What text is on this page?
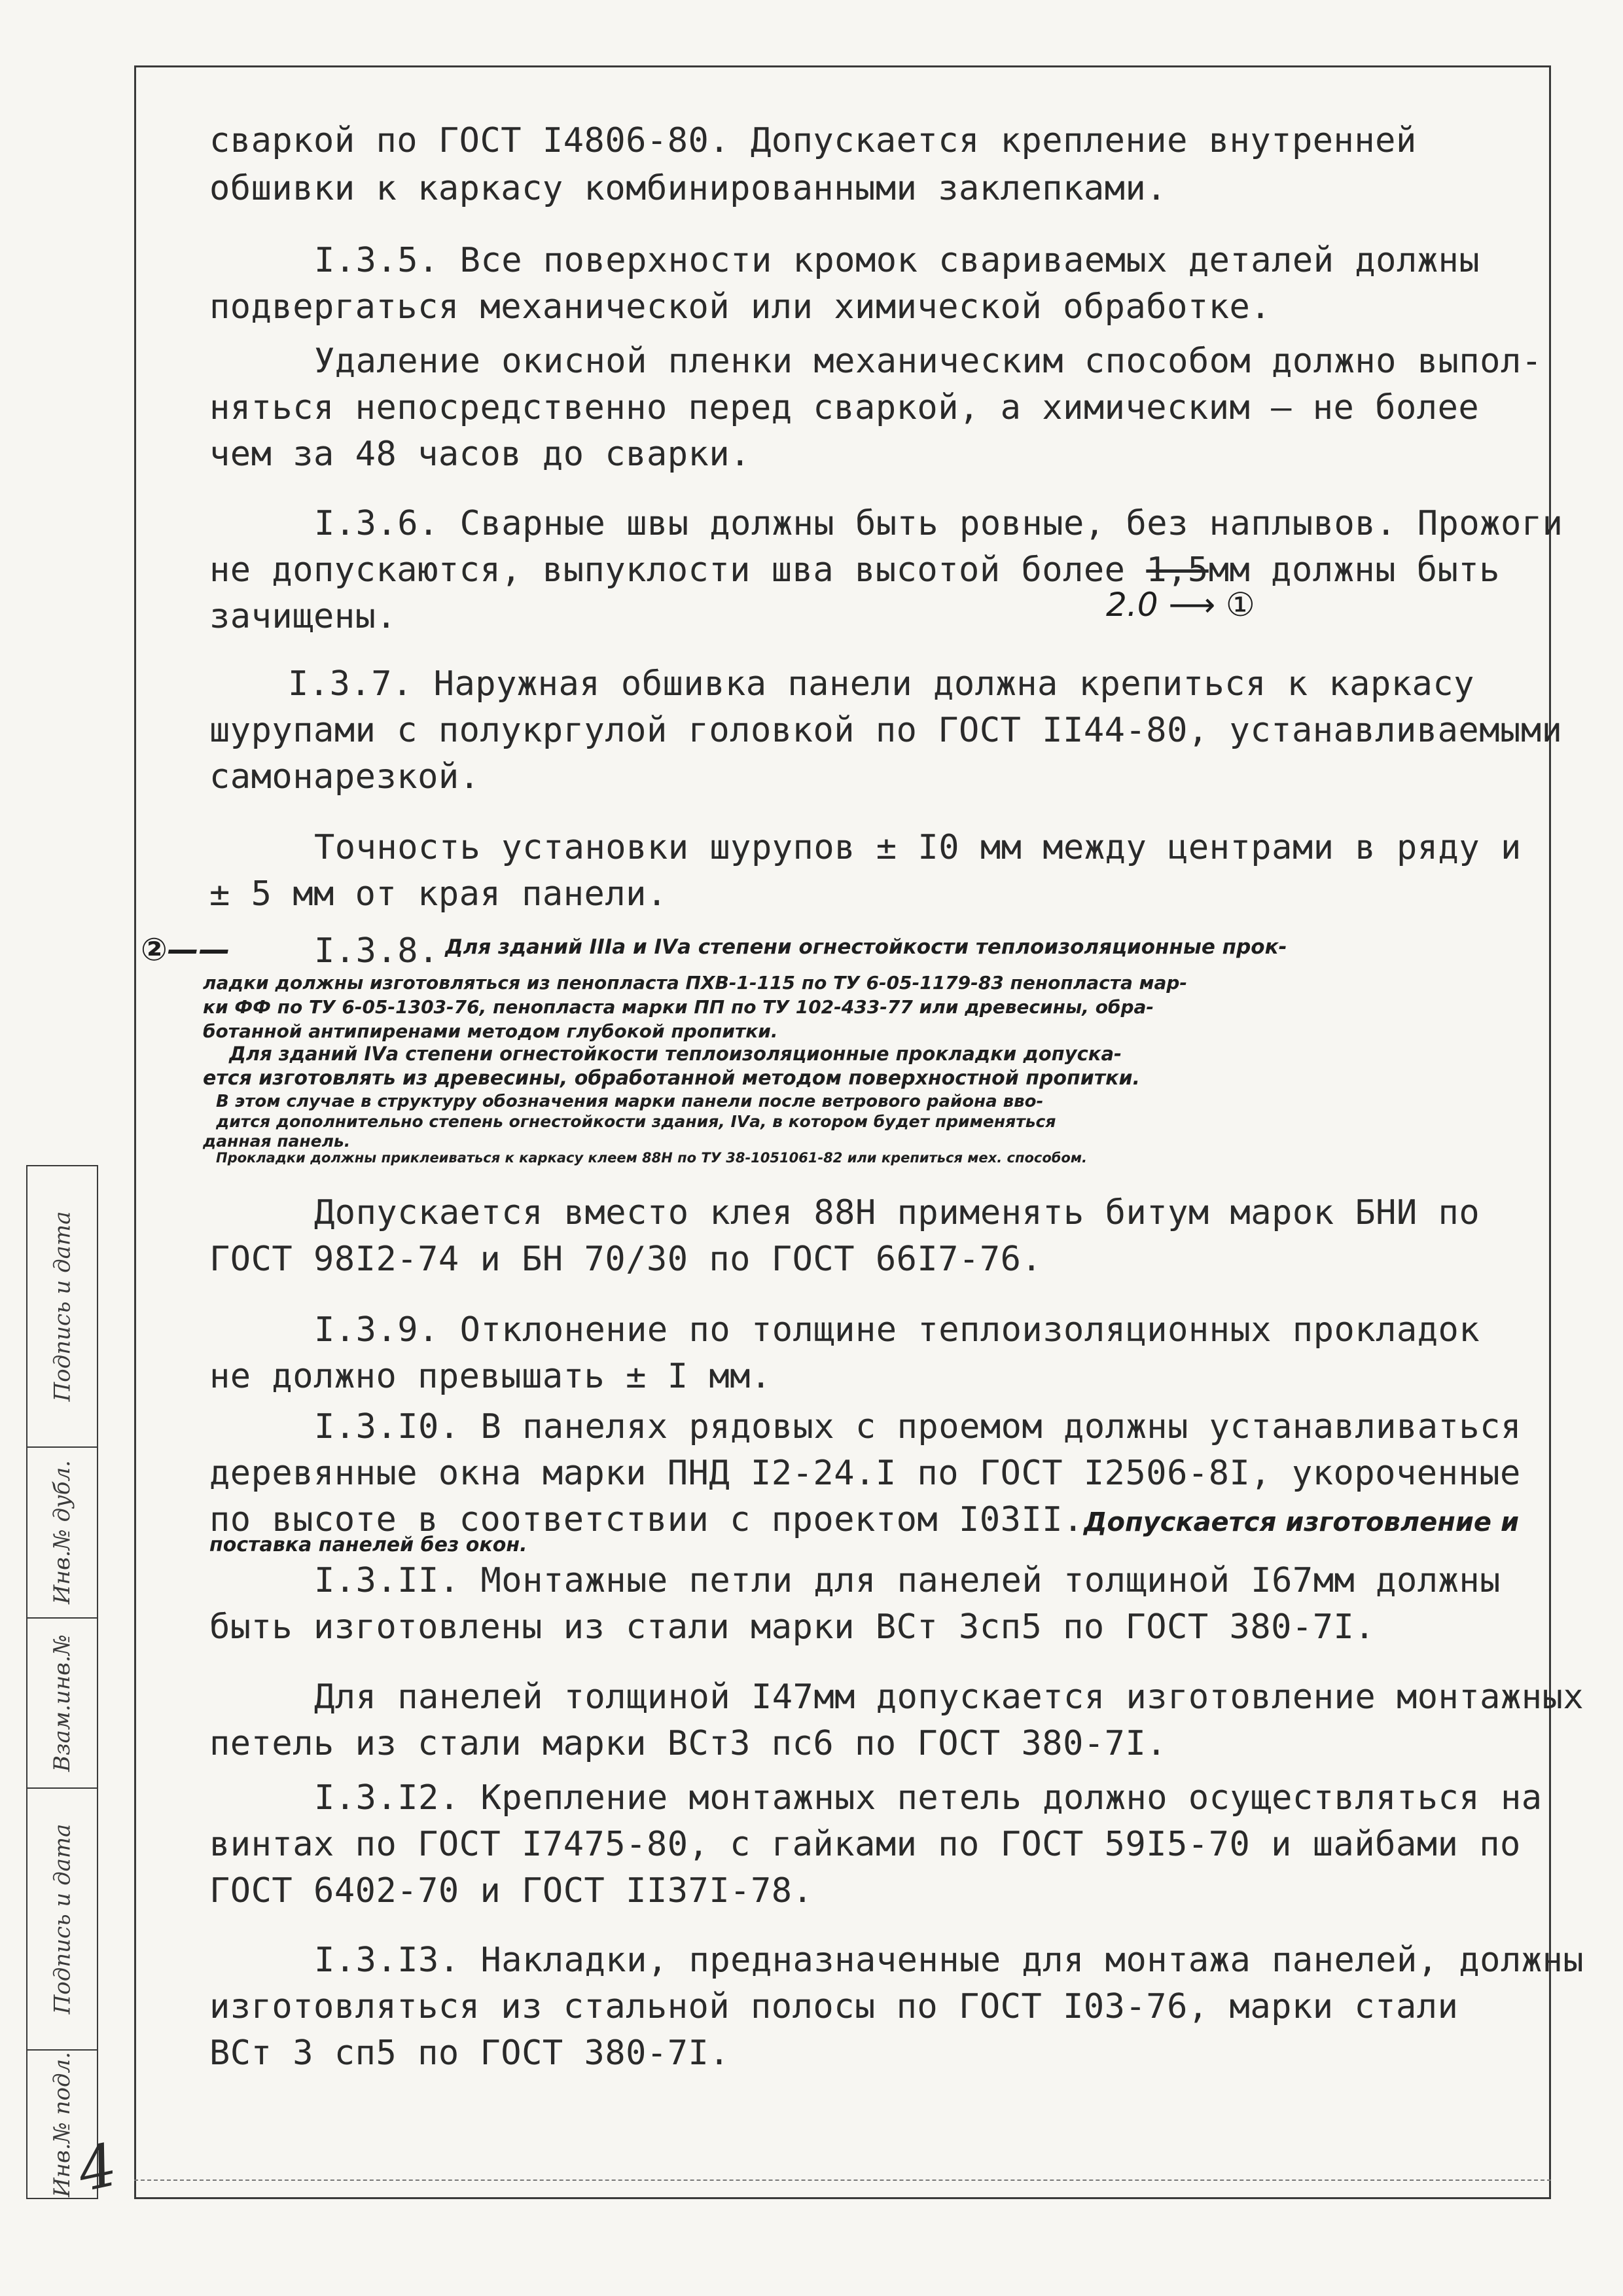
Подпись и дата
Инв.№ дубл.
Взам.инв.№
Подпись и дата
Инв.№ подл.
4
сваркой по ГОСТ I4806-80. Допускается крепление внутренней
обшивки к каркасу комбинированными заклепками.
I.3.5. Все поверхности кромок свариваемых деталей должны
подвергаться механической или химической обработке.
Удаление окисной пленки механическим способом должно выпол-
няться непосредственно перед сваркой, а химическим – не более
чем за 48 часов до сварки.
I.3.6. Сварные швы должны быть ровные, без наплывов. Прожоги
не допускаются, выпуклости шва высотой более 1,5мм должны быть
зачищены.	2.0 ⟶ ①
I.3.7. Наружная обшивка панели должна крепиться к каркасу
шурупами с полукргулой головкой по ГОСТ II44-80, устанавливаемыми
самонарезкой.
Точность установки шурупов ± I0 мм между центрами в ряду и
± 5 мм от края панели.
②—— I.3.8. Для зданий IIIа и IVа степени огнестойкости теплоизоляционные прок-
ладки должны изготовляться из пенопласта ПХВ-1-115 по ТУ 6-05-1179-83 пенопласта мар-
ки ФФ по ТУ 6-05-1303-76, пенопласта марки ПП по ТУ 102-433-77 или древесины, обра-
ботанной антипиренами методом глубокой пропитки.
Для зданий IVа степени огнестойкости теплоизоляционные прокладки допуска-
ется изготовлять из древесины, обработанной методом поверхностной пропитки.
В этом случае в структуру обозначения марки панели после ветрового района вво-
дится дополнительно степень огнестойкости здания, IVа, в котором будет применяться
данная панель.
Прокладки должны приклеиваться к каркасу клеем 88Н по ТУ 38-1051061-82 или крепиться мех. способом.
Допускается вместо клея 88Н применять битум марок БНИ по
ГОСТ 98I2-74 и БН 70/30 по ГОСТ 66I7-76.
I.3.9. Отклонение по толщине теплоизоляционных прокладок
не должно превышать ± I мм.
I.3.I0. В панелях рядовых с проемом должны устанавливаться
деревянные окна марки ПНД I2-24.I по ГОСТ I2506-8I, укороченные
по высоте в соответствии с проектом I03II.Допускается изготовление и
поставка панелей без окон.
I.3.II. Монтажные петли для панелей толщиной I67мм должны
быть изготовлены из стали марки ВСт 3сп5 по ГОСТ 380-7I.
Для панелей толщиной I47мм допускается изготовление монтажных
петель из стали марки ВСт3 пс6 по ГОСТ 380-7I.
I.3.I2. Крепление монтажных петель должно осуществляться на
винтах по ГОСТ I7475-80, с гайками по ГОСТ 59I5-70 и шайбами по
ГОСТ 6402-70 и ГОСТ II37I-78.
I.3.I3. Накладки, предназначенные для монтажа панелей, должны
изготовляться из стальной полосы по ГОСТ I03-76, марки стали
ВСт 3 сп5 по ГОСТ 380-7I.
